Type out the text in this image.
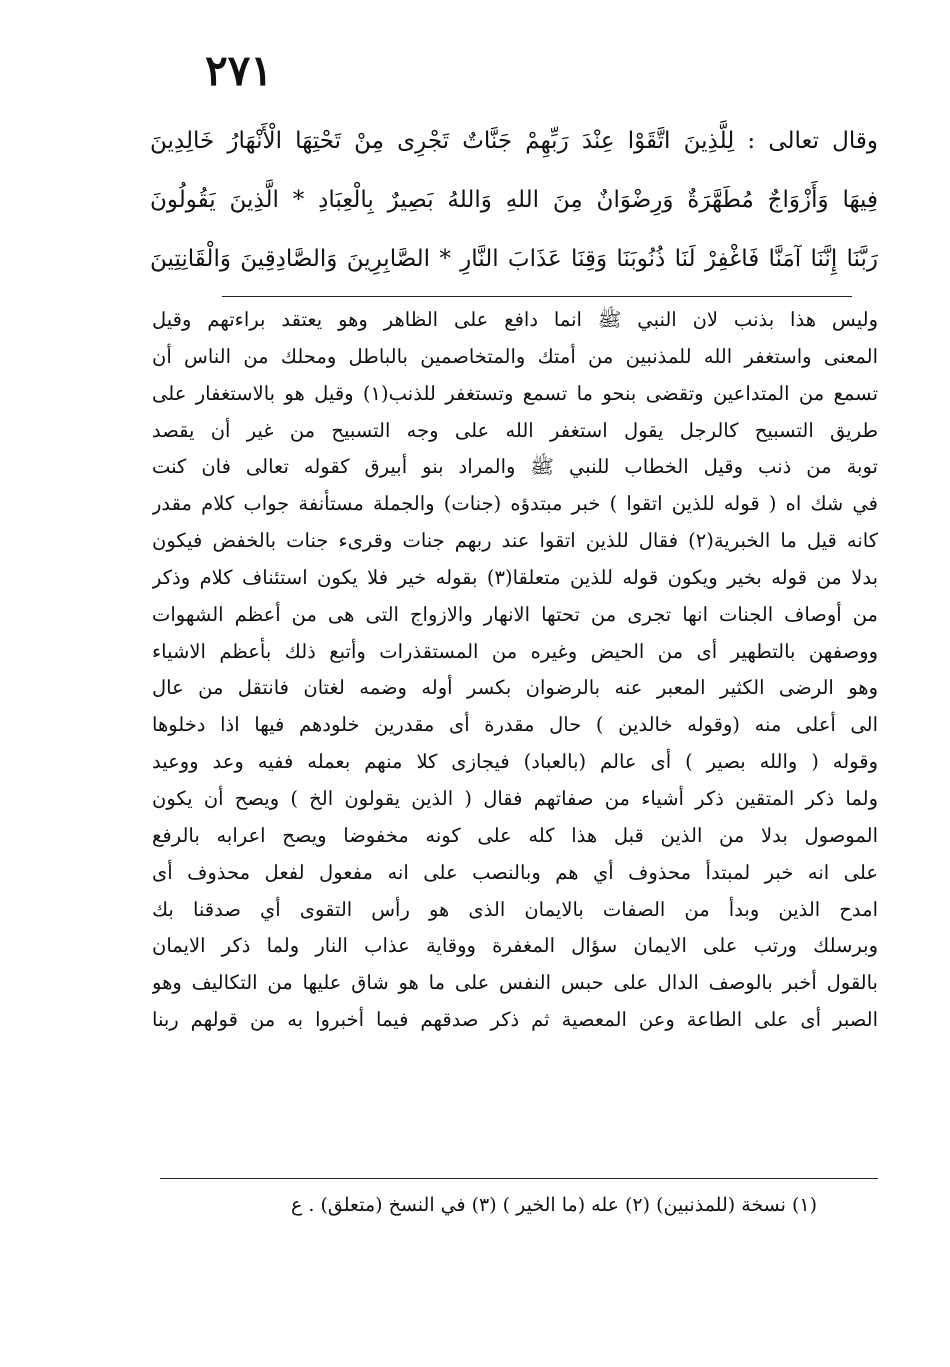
٢٧١
وقال تعالى : لِلَّذِينَ اتَّقَوْا عِنْدَ رَبِّهِمْ جَنَّاتٌ تَجْرِى مِنْ تَحْتِهَا الْأَنْهَارُ خَالِدِينَ
فِيهَا وَأَزْوَاجٌ مُطَهَّرَةٌ وَرِضْوَانٌ مِنَ اللهِ وَاللهُ بَصِيرٌ بِالْعِبَادِ * الَّذِينَ يَقُولُونَ
رَبَّنَا إِنَّنَا آمَنَّا فَاغْفِرْ لَنَا ذُنُوبَنَا وَقِنَا عَذَابَ النَّارِ * الصَّابِرِينَ وَالصَّادِقِينَ وَالْقَانِتِينَ
وليس هذا بذنب لان النبي ﷺ انما دافع على الظاهر وهو يعتقد براءتهم وقيل
المعنى واستغفر الله للمذنبين من أمتك والمتخاصمين بالباطل ومحلك من الناس أن
تسمع من المتداعين وتقضى بنحو ما تسمع وتستغفر للذنب(١) وقيل هو بالاستغفار على
طريق التسبيح كالرجل يقول استغفر الله على وجه التسبيح من غير أن يقصد
توبة من ذنب وقيل الخطاب للنبي ﷺ والمراد بنو أبيرق كقوله تعالى فان كنت
في شك اه ( قوله للذين اتقوا ) خبر مبتدؤه (جنات) والجملة مستأنفة جواب كلام مقدر
كانه قيل ما الخبرية(٢) فقال للذين اتقوا عند ربهم جنات وقرىء جنات بالخفض فيكون
بدلا من قوله بخير ويكون قوله للذين متعلقا(٣) بقوله خير فلا يكون استئناف كلام وذكر
من أوصاف الجنات انها تجرى من تحتها الانهار والازواج التى هى من أعظم الشهوات
ووصفهن بالتطهير أى من الحيض وغيره من المستقذرات وأتبع ذلك بأعظم الاشياء
وهو الرضى الكثير المعبر عنه بالرضوان بكسر أوله وضمه لغتان فانتقل من عال
الى أعلى منه (وقوله خالدين ) حال مقدرة أى مقدرين خلودهم فيها اذا دخلوها
وقوله ( والله بصير ) أى عالم (بالعباد) فيجازى كلا منهم بعمله ففيه وعد ووعيد
ولما ذكر المتقين ذكر أشياء من صفاتهم فقال ( الذين يقولون الخ ) ويصح أن يكون
الموصول بدلا من الذين قبل هذا كله على كونه مخفوضا ويصح اعرابه بالرفع
على انه خبر لمبتدأ محذوف أي هم وبالنصب على انه مفعول لفعل محذوف أى
امدح الذين وبدأ من الصفات بالايمان الذى هو رأس التقوى أي صدقنا بك
وبرسلك ورتب على الايمان سؤال المغفرة ووقاية عذاب النار ولما ذكر الايمان
بالقول أخبر بالوصف الدال على حبس النفس على ما هو شاق عليها من التكاليف وهو
الصبر أى على الطاعة وعن المعصية ثم ذكر صدقهم فيما أخبروا به من قولهم ربنا
(١) نسخة (للمذنبين) (٢) عله (ما الخير ) (٣) في النسخ (متعلق) . ع
